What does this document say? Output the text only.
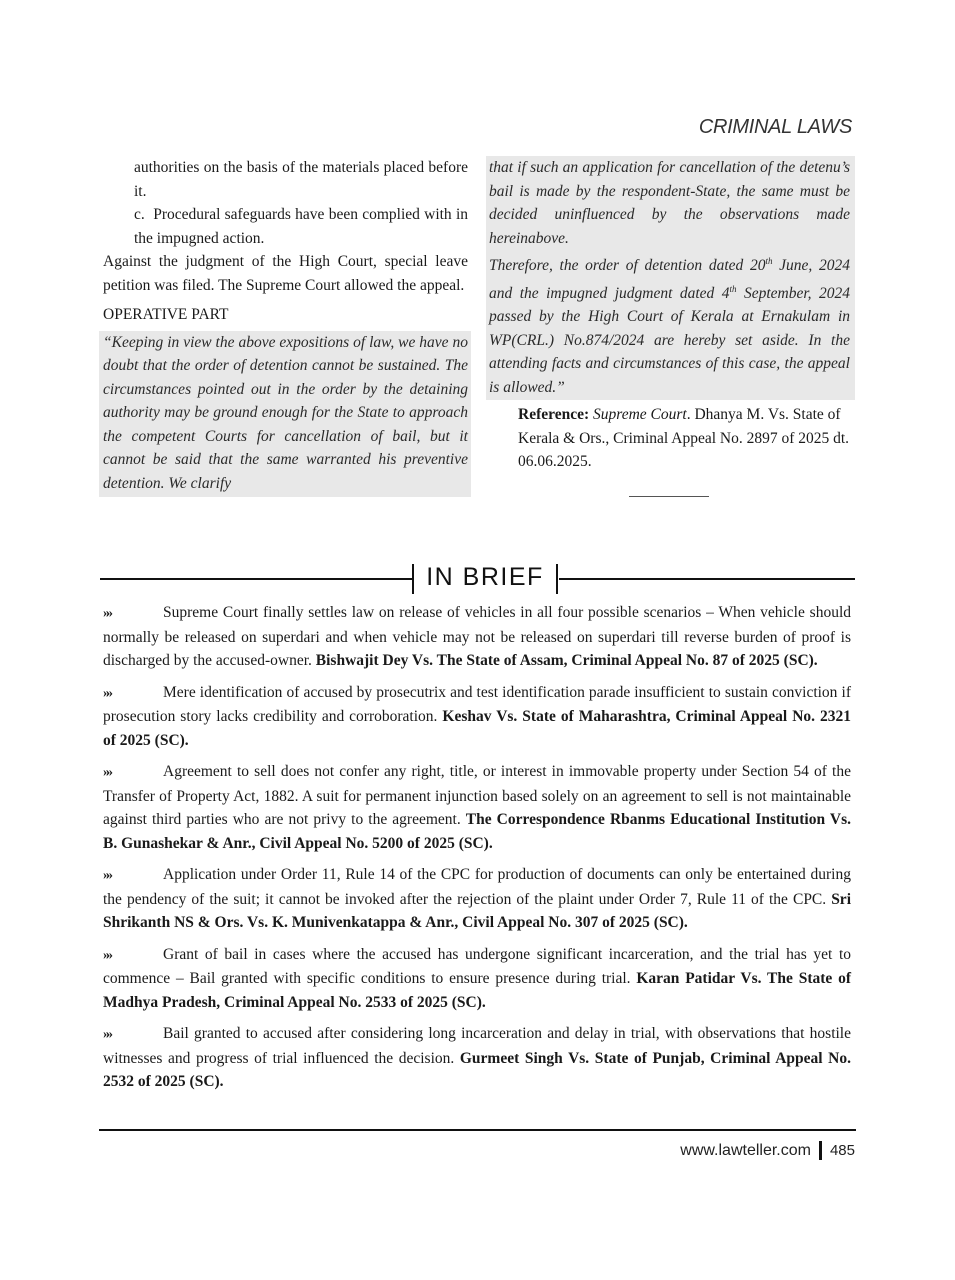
CRIMINAL LAWS
authorities on the basis of the materials placed before it.
c.  Procedural safeguards have been complied with in the impugned action.

Against the judgment of the High Court, special leave petition was filed. The Supreme Court allowed the appeal.

OPERATIVE PART

“Keeping in view the above expositions of law, we have no doubt that the order of detention cannot be sustained. The circumstances pointed out in the order by the detaining authority may be ground enough for the State to approach the competent Courts for cancellation of bail, but it cannot be said that the same warranted his preventive detention. We clarify

that if such an application for cancellation of the detenu’s bail is made by the respondent-State, the same must be decided uninfluenced by the observations made hereinabove.
Therefore, the order of detention dated 20th June, 2024 and the impugned judgment dated 4th September, 2024 passed by the High Court of Kerala at Ernakulam in WP(CRL.) No.874/2024 are hereby set aside. In the attending facts and circumstances of this case, the appeal is allowed.”

Reference: Supreme Court. Dhanya M. Vs. State of Kerala & Ors., Criminal Appeal No. 2897 of 2025 dt. 06.06.2025.
IN BRIEF

»»	Supreme Court finally settles law on release of vehicles in all four possible scenarios – When vehicle should normally be released on superdari and when vehicle may not be released on superdari till reverse burden of proof is discharged by the accused-owner. Bishwajit Dey Vs. The State of Assam, Criminal Appeal No. 87 of 2025 (SC).

»»	Mere identification of accused by prosecutrix and test identification parade insufficient to sustain conviction if prosecution story lacks credibility and corroboration. Keshav Vs. State of Maharashtra, Criminal Appeal No. 2321 of 2025 (SC).

»»	Agreement to sell does not confer any right, title, or interest in immovable property under Section 54 of the Transfer of Property Act, 1882. A suit for permanent injunction based solely on an agreement to sell is not maintainable against third parties who are not privy to the agreement. The Correspondence Rbanms Educational Institution Vs. B. Gunashekar & Anr., Civil Appeal No. 5200 of 2025 (SC).

»»	Application under Order 11, Rule 14 of the CPC for production of documents can only be entertained during the pendency of the suit; it cannot be invoked after the rejection of the plaint under Order 7, Rule 11 of the CPC. Sri Shrikanth NS & Ors. Vs. K. Munivenkatappa & Anr., Civil Appeal No. 307 of 2025 (SC).

»»	Grant of bail in cases where the accused has undergone significant incarceration, and the trial has yet to commence – Bail granted with specific conditions to ensure presence during trial. Karan Patidar Vs. The State of Madhya Pradesh, Criminal Appeal No. 2533 of 2025 (SC).

»»	Bail granted to accused after considering long incarceration and delay in trial, with observations that hostile witnesses and progress of trial influenced the decision. Gurmeet Singh Vs. State of Punjab, Criminal Appeal No. 2532 of 2025 (SC).

www.lawteller.com 485
